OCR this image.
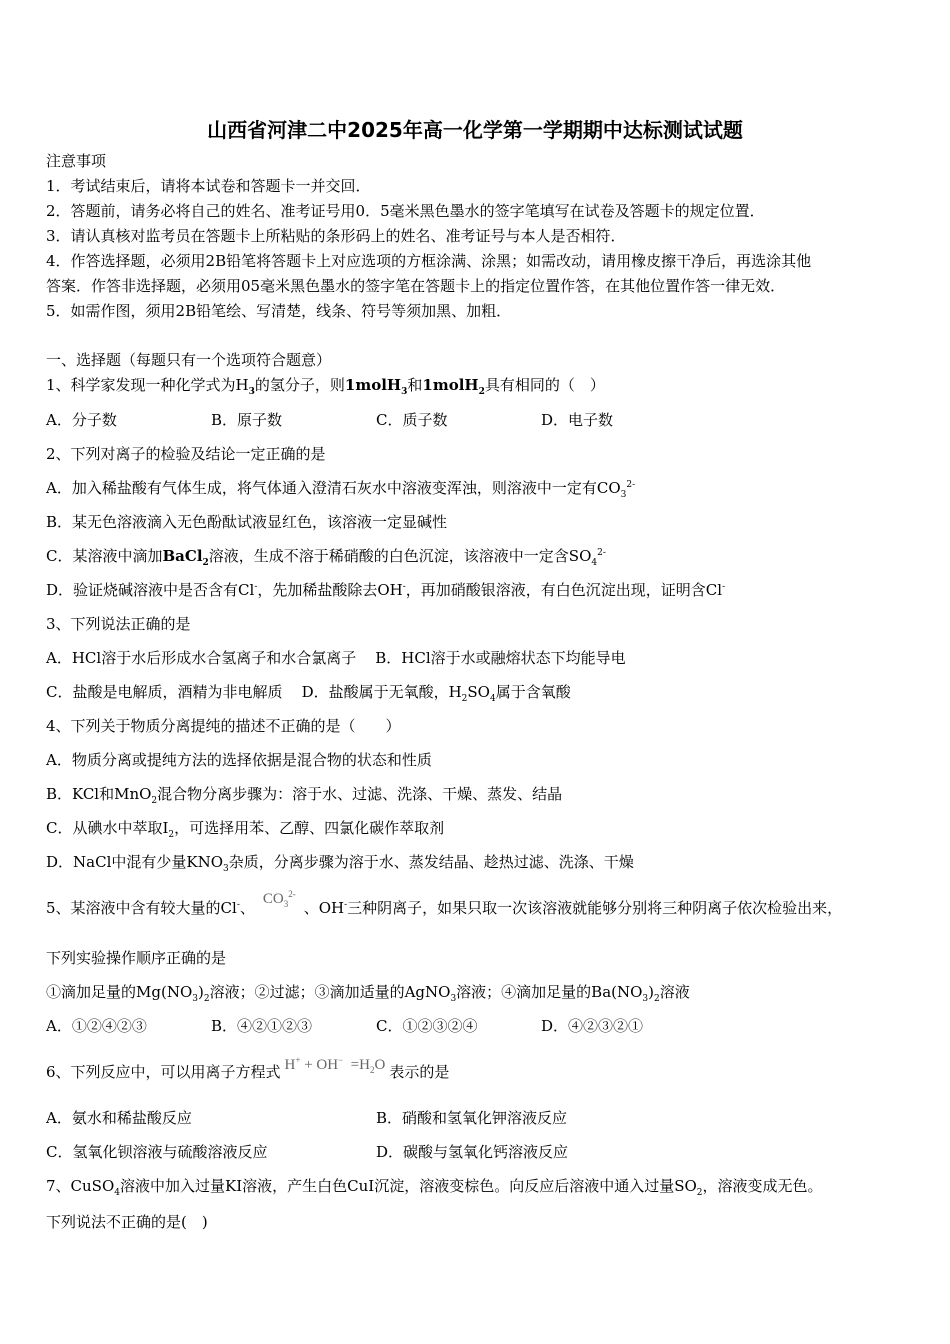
山西省河津二中2025年高一化学第一学期期中达标测试试题
注意事项
1．考试结束后，请将本试卷和答题卡一并交回．
2．答题前，请务必将自己的姓名、准考证号用0．5毫米黑色墨水的签字笔填写在试卷及答题卡的规定位置．
3．请认真核对监考员在答题卡上所粘贴的条形码上的姓名、准考证号与本人是否相符．
4．作答选择题，必须用2B铅笔将答题卡上对应选项的方框涂满、涂黑；如需改动，请用橡皮擦干净后，再选涂其他
答案．作答非选择题，必须用05毫米黑色墨水的签字笔在答题卡上的指定位置作答，在其他位置作答一律无效．
5．如需作图，须用2B铅笔绘、写清楚，线条、符号等须加黑、加粗．
一、选择题（每题只有一个选项符合题意）
1、科学家发现一种化学式为$H_3$的氢分子，则1molH$_3$和1molH$_2$具有相同的（　）
A．分子数	B．原子数	C．质子数	D．电子数
2、下列对离子的检验及结论一定正确的是
A．加入稀盐酸有气体生成，将气体通入澄清石灰水中溶液变浑浊，则溶液中一定有$CO_3^{2-}$
B．某无色溶液滴入无色酚酞试液显红色，该溶液一定显碱性
C．某溶液中滴加BaCl$_2$溶液，生成不溶于稀硝酸的白色沉淀，该溶液中一定含$SO_4^{2-}$
D．验证烧碱溶液中是否含有Cl-，先加稀盐酸除去OH-，再加硝酸银溶液，有白色沉淀出现，证明含Cl-
3、下列说法正确的是
A．HCl溶于水后形成水合氢离子和水合氯离子 B．HCl溶于水或融熔状态下均能导电
C．盐酸是电解质，酒精为非电解质 D．盐酸属于无氧酸，$H_2SO_4$属于含氧酸
4、下列关于物质分离提纯的描述不正确的是（　　）
A．物质分离或提纯方法的选择依据是混合物的状态和性质
B．KCl和MnO$_2$混合物分离步骤为：溶于水、过滤、洗涤、干燥、蒸发、结晶
C．从碘水中萃取$I_2$，可选择用苯、乙醇、四氯化碳作萃取剂
D．NaCl中混有少量$KNO_3$杂质，分离步骤为溶于水、蒸发结晶、趁热过滤、洗涤、干燥
5、某溶液中含有较大量的Cl-、 $CO_3^{2-}$、OH-三种阴离子，如果只取一次该溶液就能够分别将三种阴离子依次检验出来，
下列实验操作顺序正确的是
①滴加足量的$Mg(NO_3)_2$溶液；②过滤；③滴加适量的AgNO$_3$溶液；④滴加足量的$Ba(NO_3)_2$溶液
A．①②④②③	B．④②①②③	C．①②③②④	D．④②③②①
6、下列反应中，可以用离子方程式 $H^+ + OH^- =H_2O$ 表示的是
A．氨水和稀盐酸反应	B．硝酸和氢氧化钾溶液反应
C．氢氧化钡溶液与硫酸溶液反应	D．碳酸与氢氧化钙溶液反应
7、CuSO$_4$溶液中加入过量KI溶液，产生白色CuI沉淀，溶液变棕色。向反应后溶液中通入过量$SO_2$，溶液变成无色。
下列说法不正确的是(　)
